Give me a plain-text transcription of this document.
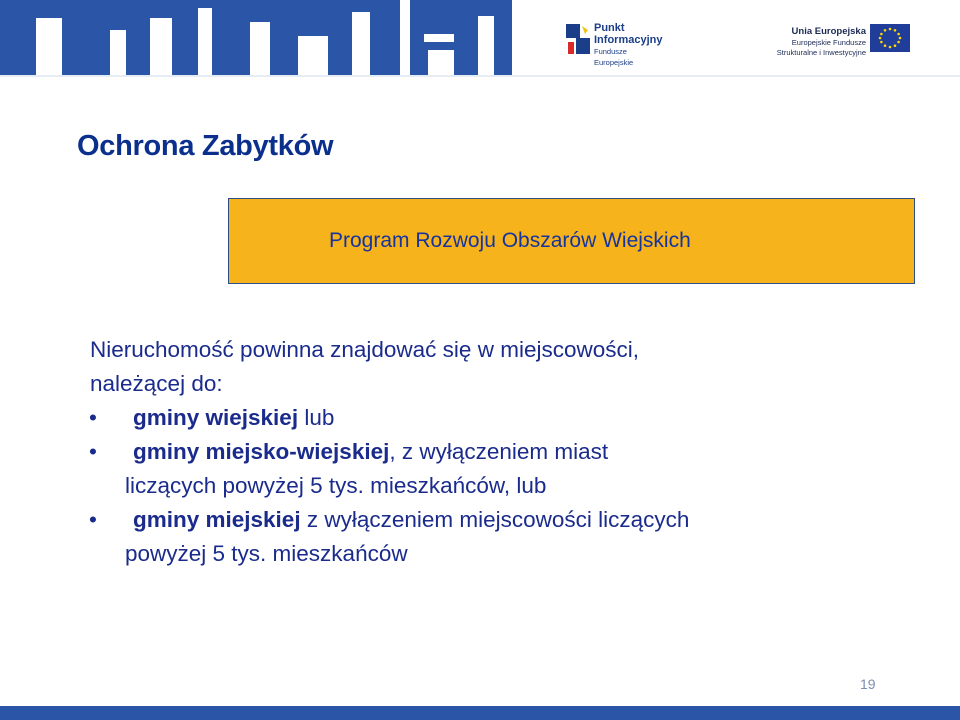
Punkt
Informacyjny
Fundusze Europejskie
Unia Europejska
Europejskie Fundusze
Strukturalne i Inwestycyjne
Ochrona Zabytków
Program Rozwoju Obszarów Wiejskich
Nieruchomość powinna znajdować się w miejscowości,
należącej do:
• gminy wiejskiej lub
• gminy miejsko-wiejskiej, z wyłączeniem miast
liczących powyżej 5 tys. mieszkańców, lub
• gminy miejskiej z wyłączeniem miejscowości liczących
powyżej 5 tys. mieszkańców
19
